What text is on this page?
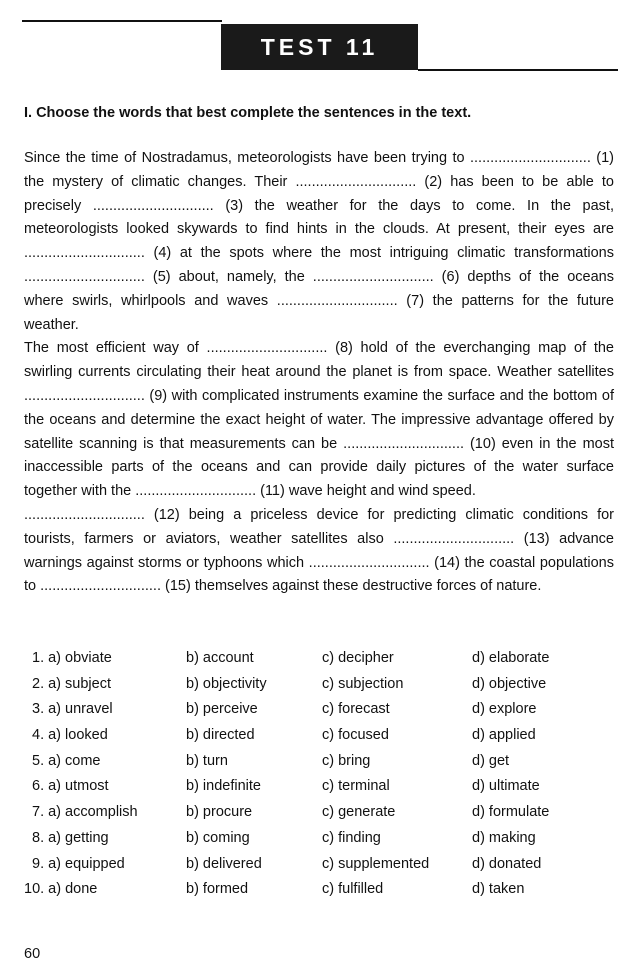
TEST 11
I. Choose the words that best complete the sentences in the text.

Since the time of Nostradamus, meteorologists have been trying to .............................. (1) the mystery of climatic changes. Their .............................. (2) has been to be able to precisely .............................. (3) the weather for the days to come. In the past, meteorologists looked skywards to find hints in the clouds. At present, their eyes are .............................. (4) at the spots where the most intriguing climatic transformations .............................. (5) about, namely, the .............................. (6) depths of the oceans where swirls, whirlpools and waves .............................. (7) the patterns for the future weather.

The most efficient way of .............................. (8) hold of the everchanging map of the swirling currents circulating their heat around the planet is from space. Weather satellites .............................. (9) with complicated instruments examine the surface and the bottom of the oceans and determine the exact height of water. The impressive advantage offered by satellite scanning is that measurements can be .............................. (10) even in the most inaccessible parts of the oceans and can provide daily pictures of the water surface together with the .............................. (11) wave height and wind speed.

.............................. (12) being a priceless device for predicting climatic conditions for tourists, farmers or aviators, weather satellites also .............................. (13) advance warnings against storms or typhoons which .............................. (14) the coastal populations to .............................. (15) themselves against these destructive forces of nature.

1. a) obviate	b) account	c) decipher	d) elaborate
2. a) subject	b) objectivity	c) subjection	d) objective
3. a) unravel	b) perceive	c) forecast	d) explore
4. a) looked	b) directed	c) focused	d) applied
5. a) come	b) turn	c) bring	d) get
6. a) utmost	b) indefinite	c) terminal	d) ultimate
7. a) accomplish	b) procure	c) generate	d) formulate
8. a) getting	b) coming	c) finding	d) making
9. a) equipped	b) delivered	c) supplemented	d) donated
10. a) done	b) formed	c) fulfilled	d) taken
60
